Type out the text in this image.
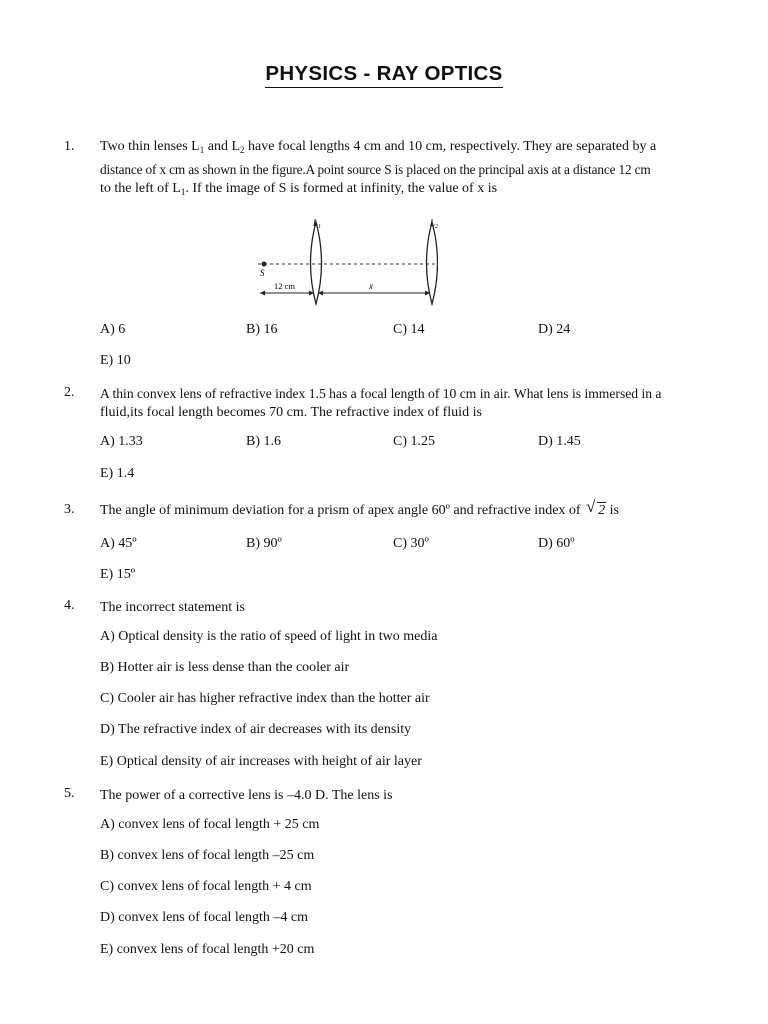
PHYSICS - RAY OPTICS
1. Two thin lenses $L_1$ and $L_2$ have focal lengths 4 cm and 10 cm, respectively. They are separated by a
distance of x cm as shown in the figure.A point source S is placed on the principal axis at a distance 12 cm
to the left of $L_1$. If the image of S is formed at infinity, the value of x is
$L_1$	$L_2$
S
12 cm	x
A) 6	B) 16	C) 14	D) 24
E) 10
2. A thin convex lens of refractive index 1.5 has a focal length of 10 cm in air. What lens is immersed in a
fluid,its focal length becomes 70 cm. The refractive index of fluid is
A) 1.33	B) 1.6	C) 1.25	D) 1.45
E) 1.4
3. The angle of minimum deviation for a prism of apex angle 60º and refractive index of √ 2 is
A) 45º	B) 90º	C) 30º	D) 60º
E) 15º
4. The incorrect statement is
A) Optical density is the ratio of speed of light in two media
B) Hotter air is less dense than the cooler air
C) Cooler air has higher refractive index than the hotter air
D) The refractive index of air decreases with its density
E) Optical density of air increases with height of air layer
5. The power of a corrective lens is –4.0 D. The lens is
A) convex lens of focal length + 25 cm
B) convex lens of focal length –25 cm
C) convex lens of focal length + 4 cm
D) convex lens of focal length –4 cm
E) convex lens of focal length +20 cm
